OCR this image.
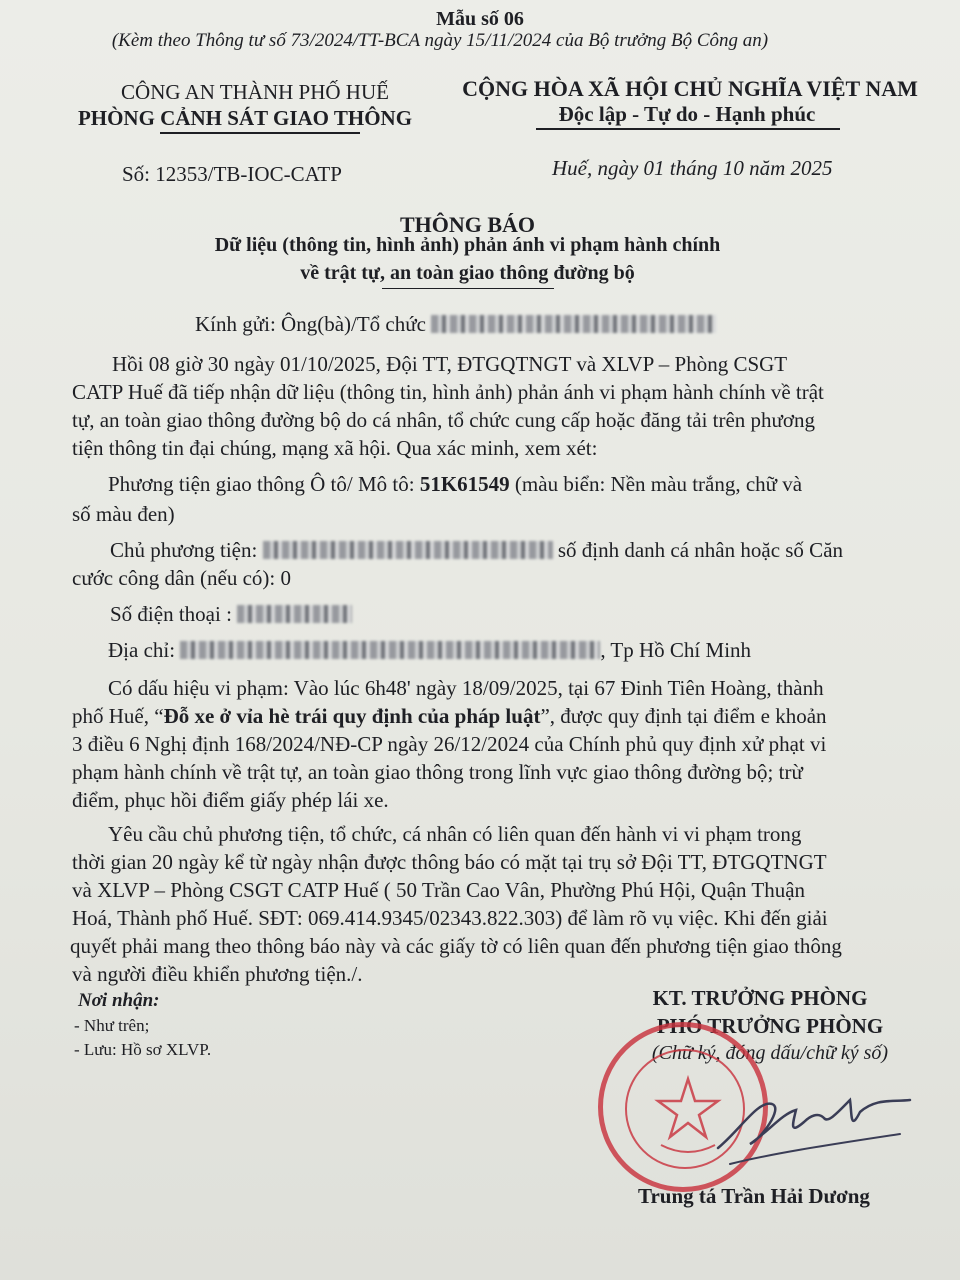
Mẫu số 06
(Kèm theo Thông tư số 73/2024/TT-BCA ngày 15/11/2024 của Bộ trưởng Bộ Công an)
CÔNG AN THÀNH PHỐ HUẾ
PHÒNG CẢNH SÁT GIAO THÔNG
CỘNG HÒA XÃ HỘI CHỦ NGHĨA VIỆT NAM
Độc lập - Tự do - Hạnh phúc
Số: 12353/TB-IOC-CATP	Huế, ngày 01 tháng 10 năm 2025
THÔNG BÁO
Dữ liệu (thông tin, hình ảnh) phản ánh vi phạm hành chính
về trật tự, an toàn giao thông đường bộ
Kính gửi: Ông(bà)/Tổ chức
Hồi 08 giờ 30 ngày 01/10/2025, Đội TT, ĐTGQTNGT và XLVP – Phòng CSGT
CATP Huế đã tiếp nhận dữ liệu (thông tin, hình ảnh) phản ánh vi phạm hành chính về trật
tự, an toàn giao thông đường bộ do cá nhân, tổ chức cung cấp hoặc đăng tải trên phương
tiện thông tin đại chúng, mạng xã hội. Qua xác minh, xem xét:
Phương tiện giao thông Ô tô/ Mô tô: 51K61549 (màu biển: Nền màu trắng, chữ và
số màu đen)
Chủ phương tiện:	số định danh cá nhân hoặc số Căn
cước công dân (nếu có): 0
Số điện thoại :
Địa chỉ:	, Tp Hồ Chí Minh
Có dấu hiệu vi phạm: Vào lúc 6h48' ngày 18/09/2025, tại 67 Đinh Tiên Hoàng, thành
phố Huế, “Đỗ xe ở vỉa hè trái quy định của pháp luật”, được quy định tại điểm e khoản
3 điều 6 Nghị định 168/2024/NĐ-CP ngày 26/12/2024 của Chính phủ quy định xử phạt vi
phạm hành chính về trật tự, an toàn giao thông trong lĩnh vực giao thông đường bộ; trừ
điểm, phục hồi điểm giấy phép lái xe.
Yêu cầu chủ phương tiện, tổ chức, cá nhân có liên quan đến hành vi vi phạm trong
thời gian 20 ngày kể từ ngày nhận được thông báo có mặt tại trụ sở Đội TT, ĐTGQTNGT
và XLVP – Phòng CSGT CATP Huế ( 50 Trần Cao Vân, Phường Phú Hội, Quận Thuận
Hoá, Thành phố Huế. SĐT: 069.414.9345/02343.822.303) để làm rõ vụ việc. Khi đến giải
quyết phải mang theo thông báo này và các giấy tờ có liên quan đến phương tiện giao thông
và người điều khiển phương tiện./.
Nơi nhận:
- Như trên;
- Lưu: Hồ sơ XLVP.
KT. TRƯỞNG PHÒNG
PHÓ TRƯỞNG PHÒNG
(Chữ ký, đóng dấu/chữ ký số)
Trung tá Trần Hải Dương
